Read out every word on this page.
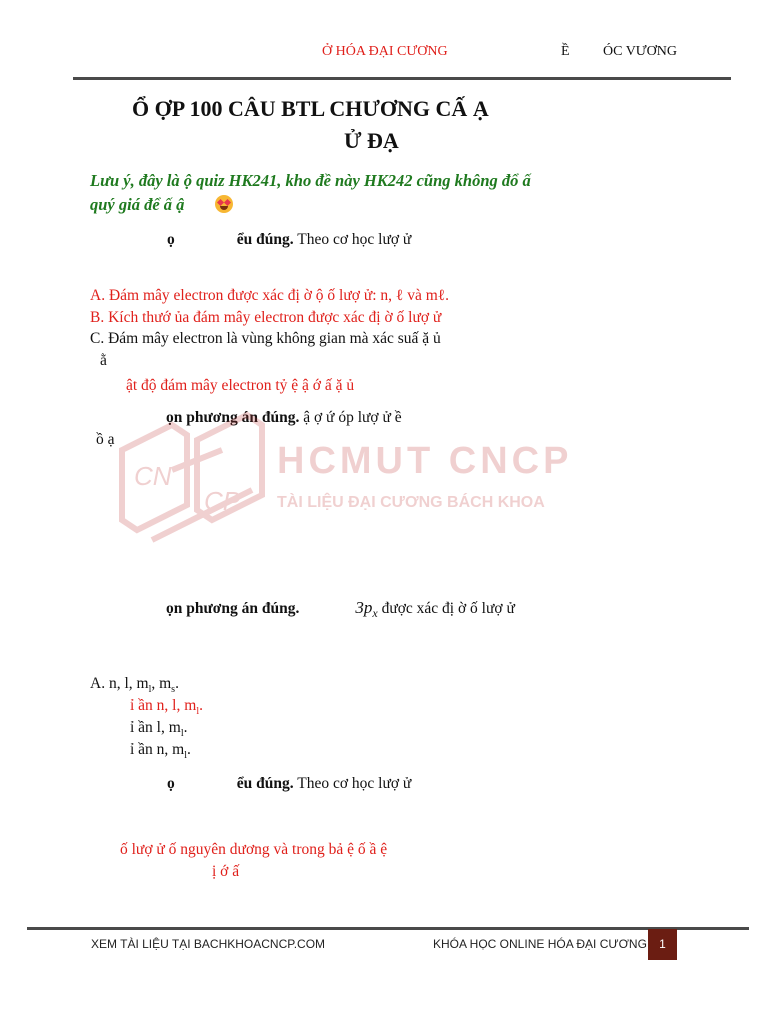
Ở HÓA ĐẠI CƯƠNG	Ề ÓC VƯƠNG
Ổ ỢP 100 CÂU BTL CHƯƠNG CẤ Ạ
Ử ĐẠ
Lưu ý, đây là ộ quiz HK241, kho đề này HK242 cũng không đổ ấ
quý giá để ấ ậ
ọ	ểu đúng. Theo cơ học lượ ử
A. Đám mây electron được xác đị ờ ộ ố lượ ử: n, ℓ và mℓ.
B. Kích thướ ủa đám mây electron được xác đị ờ ố lượ ử
C. Đám mây electron là vùng không gian mà xác suấ ặ ủ
ằ
ật độ đám mây electron tỷ ệ ậ ớ ấ ặ ủ
ọn phương án đúng. ậ ợ ứ óp lượ ử ề
ồ ạ
CN
CP
HCMUT CNCP
TÀI LIỆU ĐẠI CƯƠNG BÁCH KHOA
ọn phương án đúng.	$3p_x$ được xác đị ờ ố lượ ử
A. n, l, $m_l$, $m_s$.
ỉ ần n, l, $m_l$.
ỉ ần l, $m_l$.
ỉ ần n, $m_l$.
ọ	ểu đúng. Theo cơ học lượ ử
ố lượ ử ố nguyên dương và trong bả ệ ố ầ ệ
ị ớ ấ
XEM TÀI LIỆU TẠI BACHKHOACNCP.COM	KHÓA HỌC ONLINE HÓA ĐẠI CƯƠNG	1
